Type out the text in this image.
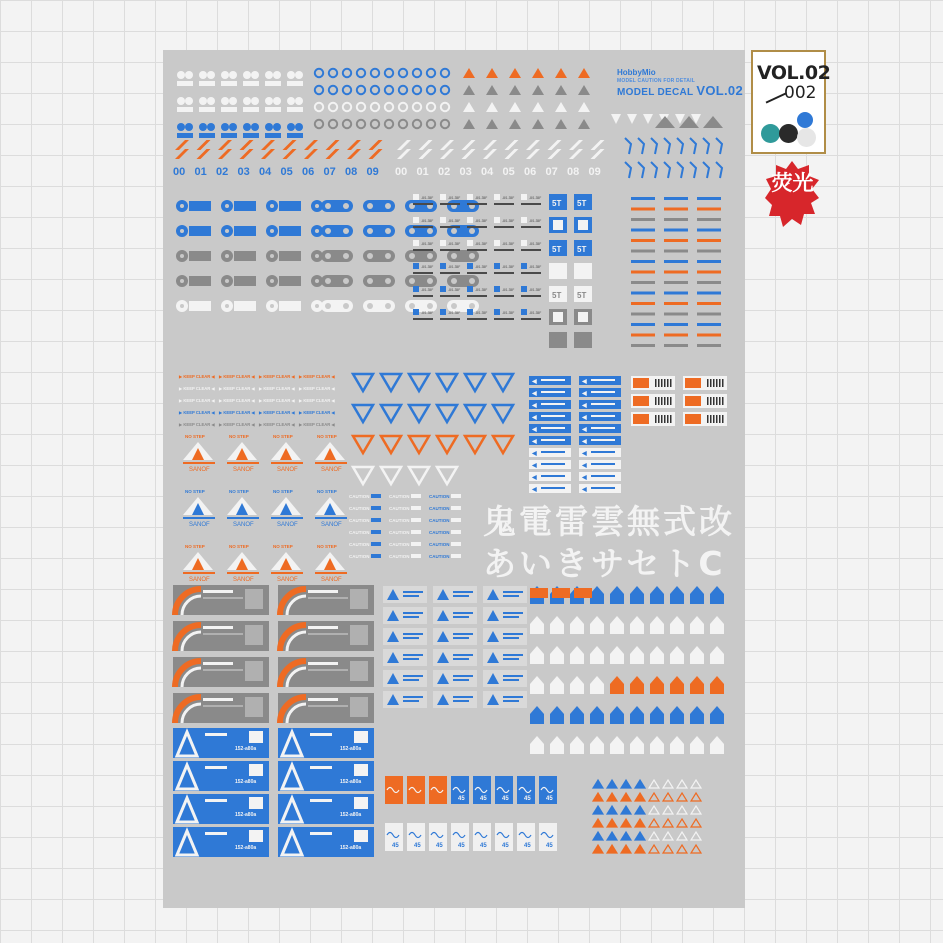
00 01 02 03 04 05 06 07 08 09 00 01 02 03 04 05 06 07 08 09
-8/1.35F	-8/1.35F	-8/1.35F	-8/1.35F	-8/1.35F
-8/1.35F	-8/1.35F	-8/1.35F	-8/1.35F	-8/1.35F
-8/1.35F	-8/1.35F	-8/1.35F	-8/1.35F	-8/1.35F
-8/1.35F	-8/1.35F	-8/1.35F	-8/1.35F	-8/1.35F
-8/1.35F	-8/1.35F	-8/1.35F	-8/1.35F	-8/1.35F
-8/1.35F	-8/1.35F	-8/1.35F	-8/1.35F	-8/1.35F
5T 5T
5T 5T
5T 5T
5T 5T
▶ KEEP CLEAR ◀ ▶ KEEP CLEAR ◀ ▶ KEEP CLEAR ◀ ▶ KEEP CLEAR ◀
▶ KEEP CLEAR ◀ ▶ KEEP CLEAR ◀ ▶ KEEP CLEAR ◀ ▶ KEEP CLEAR ◀
▶ KEEP CLEAR ◀ ▶ KEEP CLEAR ◀ ▶ KEEP CLEAR ◀ ▶ KEEP CLEAR ◀
▶ KEEP CLEAR ◀ ▶ KEEP CLEAR ◀ ▶ KEEP CLEAR ◀ ▶ KEEP CLEAR ◀
▶ KEEP CLEAR ◀ ▶ KEEP CLEAR ◀ ▶ KEEP CLEAR ◀ ▶ KEEP CLEAR ◀
NO STEP
SANOF
NO STEP
SANOF
NO STEP
SANOF
NO STEP
SANOF
NO STEP
SANOF
NO STEP
SANOF
NO STEP
SANOF
NO STEP
SANOF
NO STEP
SANOF
NO STEP
SANOF
NO STEP
SANOF
NO STEP
SANOF
CAUTION	CAUTION	CAUTION
CAUTION	CAUTION	CAUTION
CAUTION	CAUTION	CAUTION
CAUTION	CAUTION	CAUTION
CAUTION	CAUTION	CAUTION
CAUTION	CAUTION	CAUTION
◀	◀
◀	◀
◀	◀
◀	◀
◀	◀
◀	◀
◀	◀
◀	◀
◀	◀
◀	◀
152-a80a	152-a80a
152-a80a	152-a80a
152-a80a	152-a80a
152-a80a	152-a80a
45	45	45	45	45
45	45	45	45	45	45	45	45
HobbyMio
MODEL CAUTION FOR DETAIL
MODEL DECAL VOL.02
鬼電雷雲無式改
あいきサセトC
VOL.02
002
荧光
